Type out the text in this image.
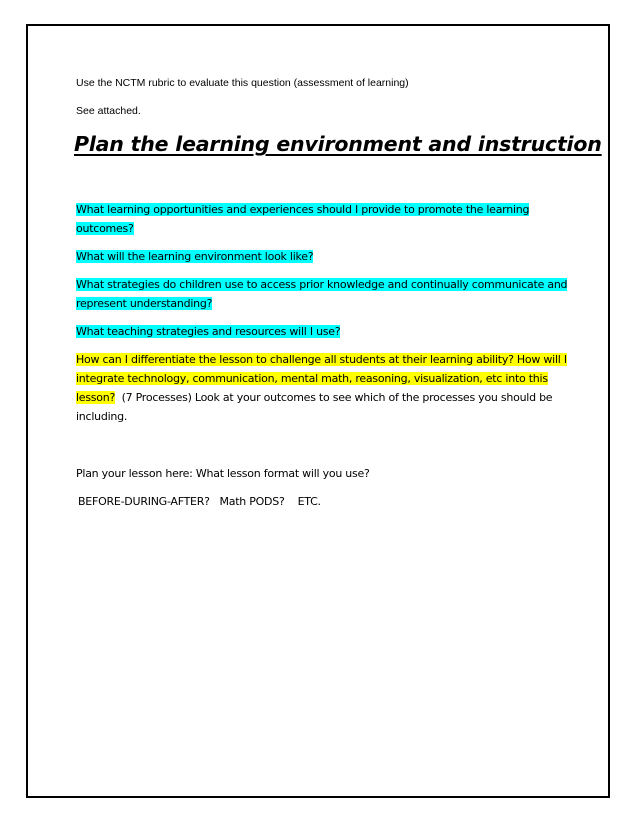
Use the NCTM rubric to evaluate this question (assessment of learning)

See attached.

Plan the learning environment and instruction

What learning opportunities and experiences should I provide to promote the learning outcomes?

What will the learning environment look like?

What strategies do children use to access prior knowledge and continually communicate and represent understanding?

What teaching strategies and resources will I use?

How can I differentiate the lesson to challenge all students at their learning ability? How will I integrate technology, communication, mental math, reasoning, visualization, etc into this lesson? (7 Processes) Look at your outcomes to see which of the processes you should be including.

Plan your lesson here: What lesson format will you use?

BEFORE-DURING-AFTER?   Math PODS?    ETC.
